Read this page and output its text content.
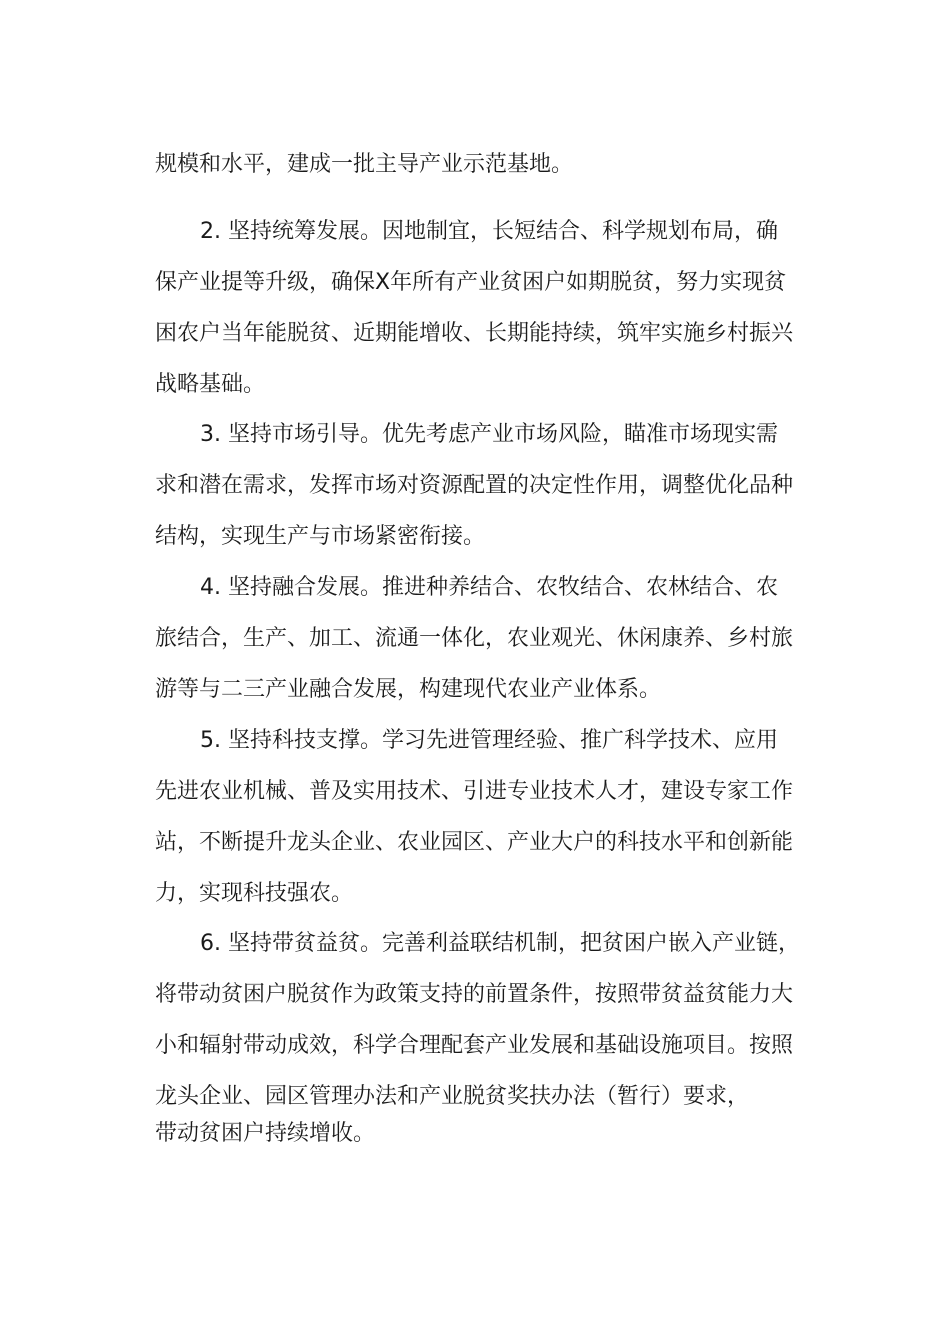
规模和水平，建成一批主导产业示范基地。
2. 坚持统筹发展。因地制宜，长短结合、科学规划布局，确
保产业提等升级，确保X年所有产业贫困户如期脱贫，努力实现贫
困农户当年能脱贫、近期能增收、长期能持续，筑牢实施乡村振兴
战略基础。
3. 坚持市场引导。优先考虑产业市场风险，瞄准市场现实需
求和潜在需求，发挥市场对资源配置的决定性作用，调整优化品种
结构，实现生产与市场紧密衔接。
4. 坚持融合发展。推进种养结合、农牧结合、农林结合、农
旅结合，生产、加工、流通一体化，农业观光、休闲康养、乡村旅
游等与二三产业融合发展，构建现代农业产业体系。
5. 坚持科技支撑。学习先进管理经验、推广科学技术、应用
先进农业机械、普及实用技术、引进专业技术人才，建设专家工作
站，不断提升龙头企业、农业园区、产业大户的科技水平和创新能
力，实现科技强农。
6. 坚持带贫益贫。完善利益联结机制，把贫困户嵌入产业链，
将带动贫困户脱贫作为政策支持的前置条件，按照带贫益贫能力大
小和辐射带动成效，科学合理配套产业发展和基础设施项目。按照
龙头企业、园区管理办法和产业脱贫奖扶办法（暂行）要求，
带动贫困户持续增收。
